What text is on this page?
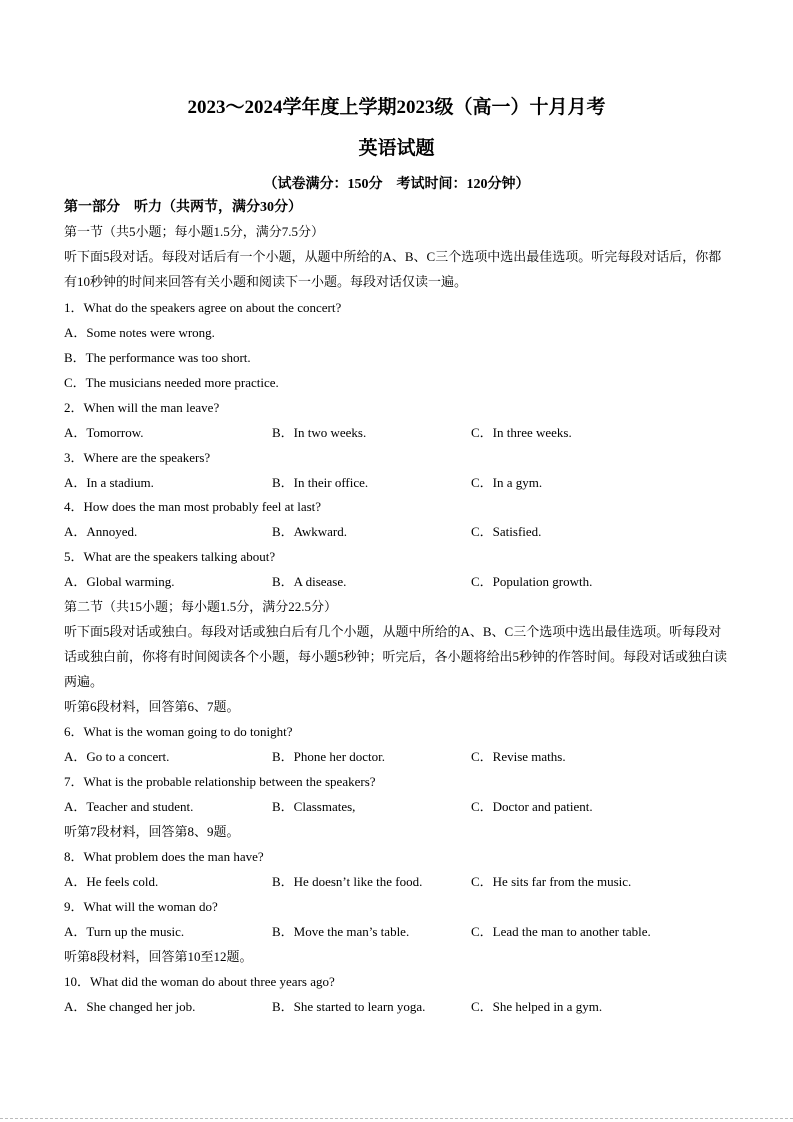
2023～2024学年度上学期2023级（高一）十月月考
英语试题
（试卷满分：150分　考试时间：120分钟）
第一部分　听力（共两节，满分30分）
第一节（共5小题；每小题1.5分，满分7.5分）
听下面5段对话。每段对话后有一个小题，从题中所给的A、B、C三个选项中选出最佳选项。听完每段对话后，你都有10秒钟的时间来回答有关小题和阅读下一小题。每段对话仅读一遍。
1．What do the speakers agree on about the concert?
A．Some notes were wrong.
B．The performance was too short.
C．The musicians needed more practice.
2．When will the man leave?
A．Tomorrow.	B．In two weeks.	C．In three weeks.
3．Where are the speakers?
A．In a stadium.	B．In their office.	C．In a gym.
4．How does the man most probably feel at last?
A．Annoyed.	B．Awkward.	C．Satisfied.
5．What are the speakers talking about?
A．Global warming.	B．A disease.	C．Population growth.
第二节（共15小题；每小题1.5分，满分22.5分）
听下面5段对话或独白。每段对话或独白后有几个小题，从题中所给的A、B、C三个选项中选出最佳选项。听每段对话或独白前，你将有时间阅读各个小题，每小题5秒钟；听完后，各小题将给出5秒钟的作答时间。每段对话或独白读两遍。
听第6段材料，回答第6、7题。
6．What is the woman going to do tonight?
A．Go to a concert.	B．Phone her doctor.	C．Revise maths.
7．What is the probable relationship between the speakers?
A．Teacher and student.	B．Classmates,	C．Doctor and patient.
听第7段材料，回答第8、9题。
8．What problem does the man have?
A．He feels cold.	B．He doesn’t like the food.	C．He sits far from the music.
9．What will the woman do?
A．Turn up the music.	B．Move the man’s table.	C．Lead the man to another table.
听第8段材料，回答第10至12题。
10．What did the woman do about three years ago?
A．She changed her job.	B．She started to learn yoga.	C．She helped in a gym.
